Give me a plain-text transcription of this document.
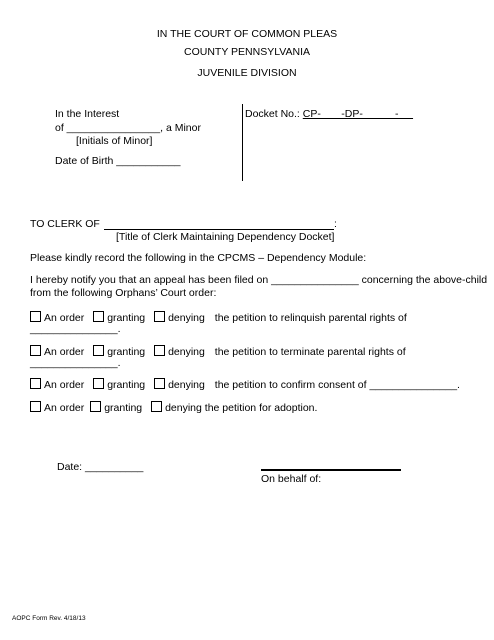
IN THE COURT OF COMMON PLEAS
COUNTY PENNSYLVANIA
JUVENILE DIVISION
In the Interest
of ________________, a Minor
[Initials of Minor]
Date of Birth ___________
Docket No.: CP-       -DP-           -
TO CLERK OF	:
[Title of Clerk Maintaining Dependency Docket]
Please kindly record the following in the CPCMS – Dependency Module:
I hereby notify you that an appeal has been filed on _______________ concerning the above-child
from the following Orphans’ Court order:
An order granting denying the petition to relinquish parental rights of
_______________.
An order granting denying the petition to terminate parental rights of
_______________.
An order granting denying the petition to confirm consent of _______________.
An order granting denying the petition for adoption.
Date: __________
On behalf of:
AOPC Form Rev. 4/18/13
